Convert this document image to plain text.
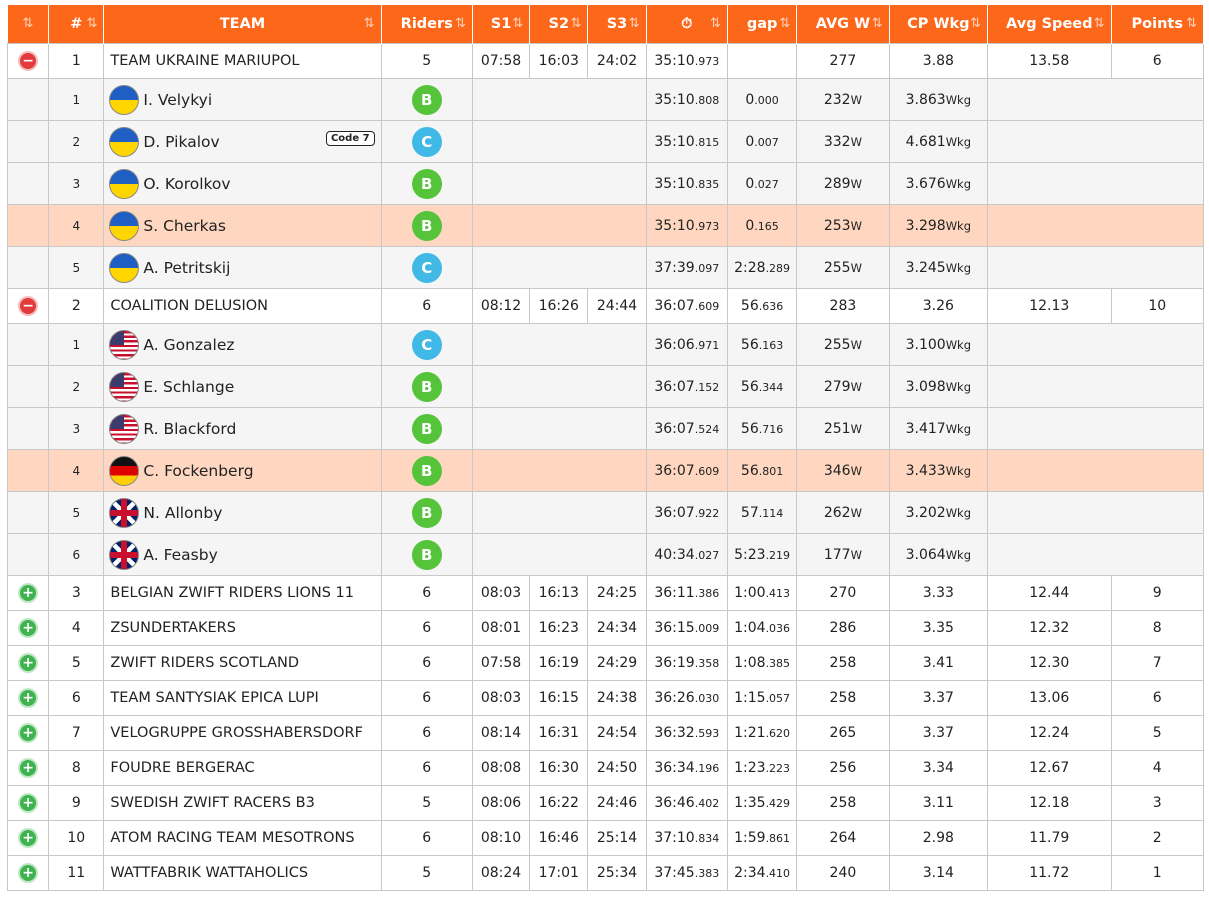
⇅	# ⇅	TEAM ⇅	Riders ⇅	S1 ⇅	S2 ⇅	S3 ⇅	⏱ ⇅	gap ⇅	AVG W ⇅	CP Wkg ⇅	Avg Speed ⇅	Points ⇅

−	1	TEAM UKRAINE MARIUPOL	5	07:58	16:03	24:02	35:10.973		277	3.88	13.58	6
	1	I. Velykyi	B				35:10.808	0.000	232W	3.863Wkg		
	2	D. Pikalov Code 7	C				35:10.815	0.007	332W	4.681Wkg		
	3	O. Korolkov	B				35:10.835	0.027	289W	3.676Wkg		
	4	S. Cherkas	B				35:10.973	0.165	253W	3.298Wkg		
	5	A. Petritskij	C				37:39.097	2:28.289	255W	3.245Wkg		
−	2	COALITION DELUSION	6	08:12	16:26	24:44	36:07.609	56.636	283	3.26	12.13	10
	1	A. Gonzalez	C				36:06.971	56.163	255W	3.100Wkg		
	2	E. Schlange	B				36:07.152	56.344	279W	3.098Wkg		
	3	R. Blackford	B				36:07.524	56.716	251W	3.417Wkg		
	4	C. Fockenberg	B				36:07.609	56.801	346W	3.433Wkg		
	5	N. Allonby	B				36:07.922	57.114	262W	3.202Wkg		
	6	A. Feasby	B				40:34.027	5:23.219	177W	3.064Wkg		
+	3	BELGIAN ZWIFT RIDERS LIONS 11	6	08:03	16:13	24:25	36:11.386	1:00.413	270	3.33	12.44	9
+	4	ZSUNDERTAKERS	6	08:01	16:23	24:34	36:15.009	1:04.036	286	3.35	12.32	8
+	5	ZWIFT RIDERS SCOTLAND	6	07:58	16:19	24:29	36:19.358	1:08.385	258	3.41	12.30	7
+	6	TEAM SANTYSIAK EPICA LUPI	6	08:03	16:15	24:38	36:26.030	1:15.057	258	3.37	13.06	6
+	7	VELOGRUPPE GROSSHABERSDORF	6	08:14	16:31	24:54	36:32.593	1:21.620	265	3.37	12.24	5
+	8	FOUDRE BERGERAC	6	08:08	16:30	24:50	36:34.196	1:23.223	256	3.34	12.67	4
+	9	SWEDISH ZWIFT RACERS B3	5	08:06	16:22	24:46	36:46.402	1:35.429	258	3.11	12.18	3
+	10	ATOM RACING TEAM MESOTRONS	6	08:10	16:46	25:14	37:10.834	1:59.861	264	2.98	11.79	2
+	11	WATTFABRIK WATTAHOLICS	5	08:24	17:01	25:34	37:45.383	2:34.410	240	3.14	11.72	1
